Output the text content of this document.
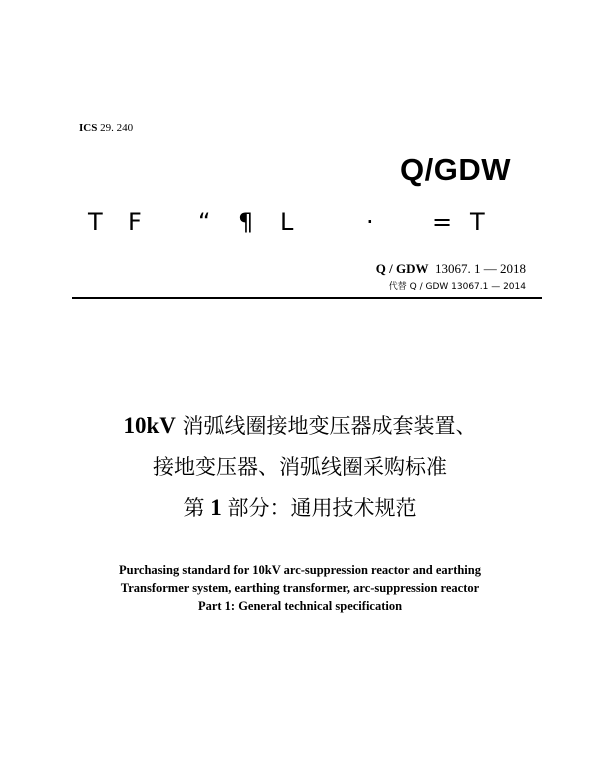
ICS 29. 240
Q/GDW
T F “ ¶ L	· = T
Q / GDW 13067. 1 — 2018
代替 Q / GDW 13067.1 — 2014
10kV 消弧线圈接地变压器成套装置、
接地变压器、消弧线圈采购标准
第 1 部分：通用技术规范
Purchasing standard for 10kV arc-suppression reactor and earthing
Transformer system, earthing transformer, arc-suppression reactor
Part 1: General technical specification
